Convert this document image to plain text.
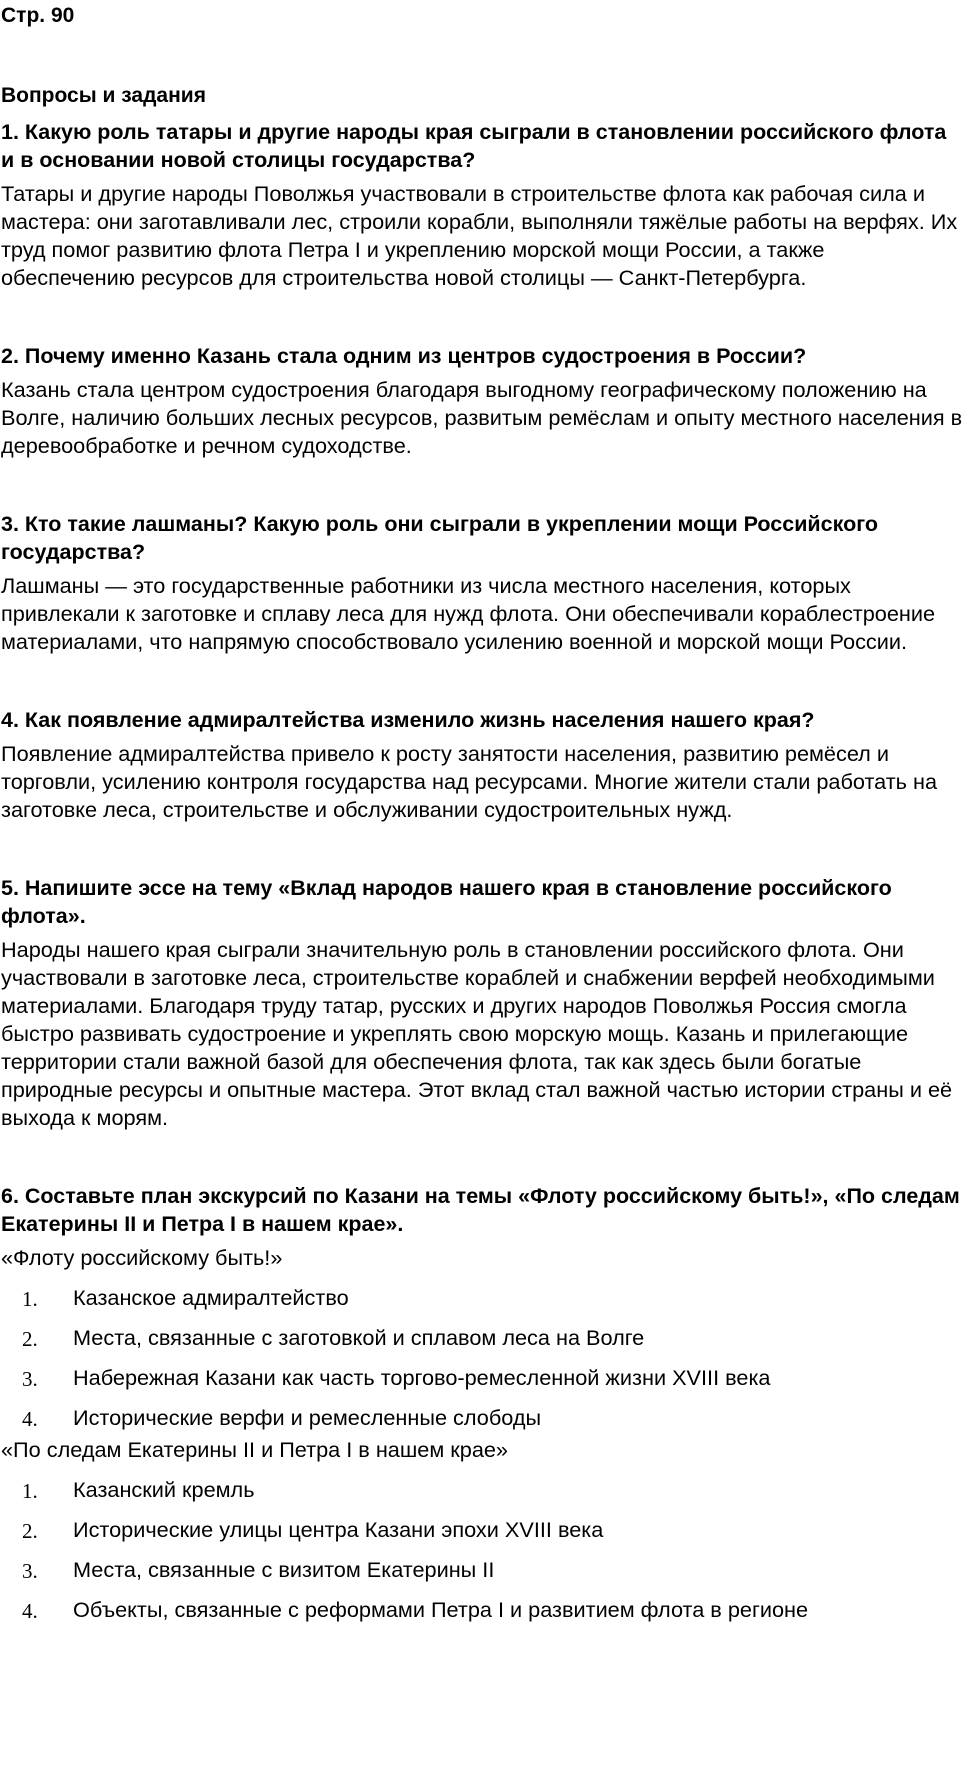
Стр. 90
Вопросы и задания

1. Какую роль татары и другие народы края сыграли в становлении российского флота и в основании новой столицы государства?

Татары и другие народы Поволжья участвовали в строительстве флота как рабочая сила и мастера: они заготавливали лес, строили корабли, выполняли тяжёлые работы на верфях. Их труд помог развитию флота Петра I и укреплению морской мощи России, а также обеспечению ресурсов для строительства новой столицы — Санкт-Петербурга.

2. Почему именно Казань стала одним из центров судостроения в России?

Казань стала центром судостроения благодаря выгодному географическому положению на Волге, наличию больших лесных ресурсов, развитым ремёслам и опыту местного населения в деревообработке и речном судоходстве.

3. Кто такие лашманы? Какую роль они сыграли в укреплении мощи Российского государства?

Лашманы — это государственные работники из числа местного населения, которых привлекали к заготовке и сплаву леса для нужд флота. Они обеспечивали кораблестроение материалами, что напрямую способствовало усилению военной и морской мощи России.

4. Как появление адмиралтейства изменило жизнь населения нашего края?

Появление адмиралтейства привело к росту занятости населения, развитию ремёсел и торговли, усилению контроля государства над ресурсами. Многие жители стали работать на заготовке леса, строительстве и обслуживании судостроительных нужд.

5. Напишите эссе на тему «Вклад народов нашего края в становление российского флота».

Народы нашего края сыграли значительную роль в становлении российского флота. Они участвовали в заготовке леса, строительстве кораблей и снабжении верфей необходимыми материалами. Благодаря труду татар, русских и других народов Поволжья Россия смогла быстро развивать судостроение и укреплять свою морскую мощь. Казань и прилегающие территории стали важной базой для обеспечения флота, так как здесь были богатые природные ресурсы и опытные мастера. Этот вклад стал важной частью истории страны и её выхода к морям.

6. Составьте план экскурсий по Казани на темы «Флоту российскому быть!», «По следам Екатерины II и Петра I в нашем крае».

«Флоту российскому быть!»

1. Казанское адмиралтейство
2. Места, связанные с заготовкой и сплавом леса на Волге
3. Набережная Казани как часть торгово-ремесленной жизни XVIII века
4. Исторические верфи и ремесленные слободы

«По следам Екатерины II и Петра I в нашем крае»

1. Казанский кремль
2. Исторические улицы центра Казани эпохи XVIII века
3. Места, связанные с визитом Екатерины II
4. Объекты, связанные с реформами Петра I и развитием флота в регионе
